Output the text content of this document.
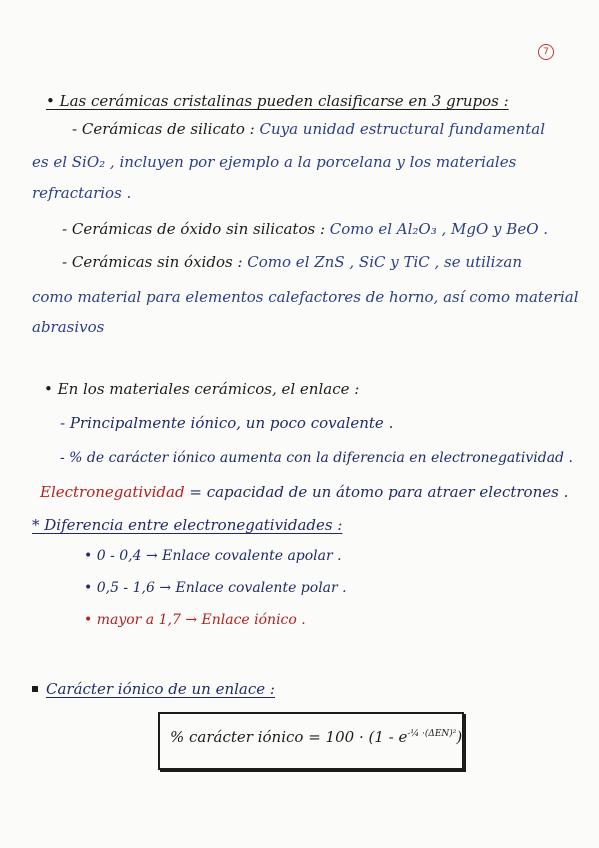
7
• Las cerámicas cristalinas pueden clasificarse en 3 grupos :
- Cerámicas de silicato : Cuya unidad estructural fundamental
es el SiO₂ , incluyen por ejemplo a la porcelana y los materiales
refractarios .
- Cerámicas de óxido sin silicatos : Como el Al₂O₃ , MgO y BeO .
- Cerámicas sin óxidos : Como el ZnS , SiC y TiC , se utilizan
como material para elementos calefactores de horno, así como material
abrasivos
• En los materiales cerámicos, el enlace :
- Principalmente iónico, un poco covalente .
- % de carácter iónico aumenta con la diferencia en electronegatividad .
Electronegatividad = capacidad de un átomo para atraer electrones .
* Diferencia entre electronegatividades :
• 0 - 0,4 → Enlace covalente apolar .
• 0,5 - 1,6 → Enlace covalente polar .
• mayor a 1,7 → Enlace iónico .
Carácter iónico de un enlace :
% carácter iónico = $100 \cdot (1 - e^{-\frac{1}{4} \cdot(\Delta EN)^2})$
